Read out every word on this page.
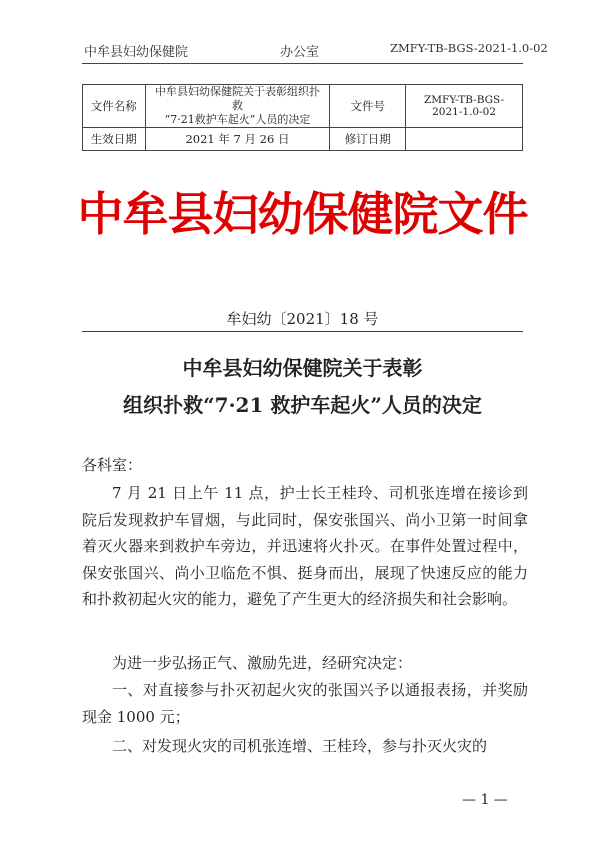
中牟县妇幼保健院	办公室	ZMFY-TB-BGS-2021-1.0-02
文件名称	中牟县妇幼保健院关于表彰组织扑救
“7·21救护车起火”人员的决定	文件号	ZMFY-TB-BGS-2021-1.0-02
生效日期	2021 年 7 月 26 日	修订日期	
中牟县妇幼保健院文件
牟妇幼〔2021〕18 号
中牟县妇幼保健院关于表彰
组织扑救“7·21 救护车起火”人员的决定
各科室：
7 月 21 日上午 11 点，护士长王桂玲、司机张连增在接诊到院后发现救护车冒烟，与此同时，保安张国兴、尚小卫第一时间拿着灭火器来到救护车旁边，并迅速将火扑灭。在事件处置过程中，保安张国兴、尚小卫临危不惧、挺身而出，展现了快速反应的能力和扑救初起火灾的能力，避免了产生更大的经济损失和社会影响。
为进一步弘扬正气、激励先进，经研究决定：
一、对直接参与扑灭初起火灾的张国兴予以通报表扬，并奖励现金 1000 元；
二、对发现火灾的司机张连增、王桂玲，参与扑灭火灾的
— 1 —
